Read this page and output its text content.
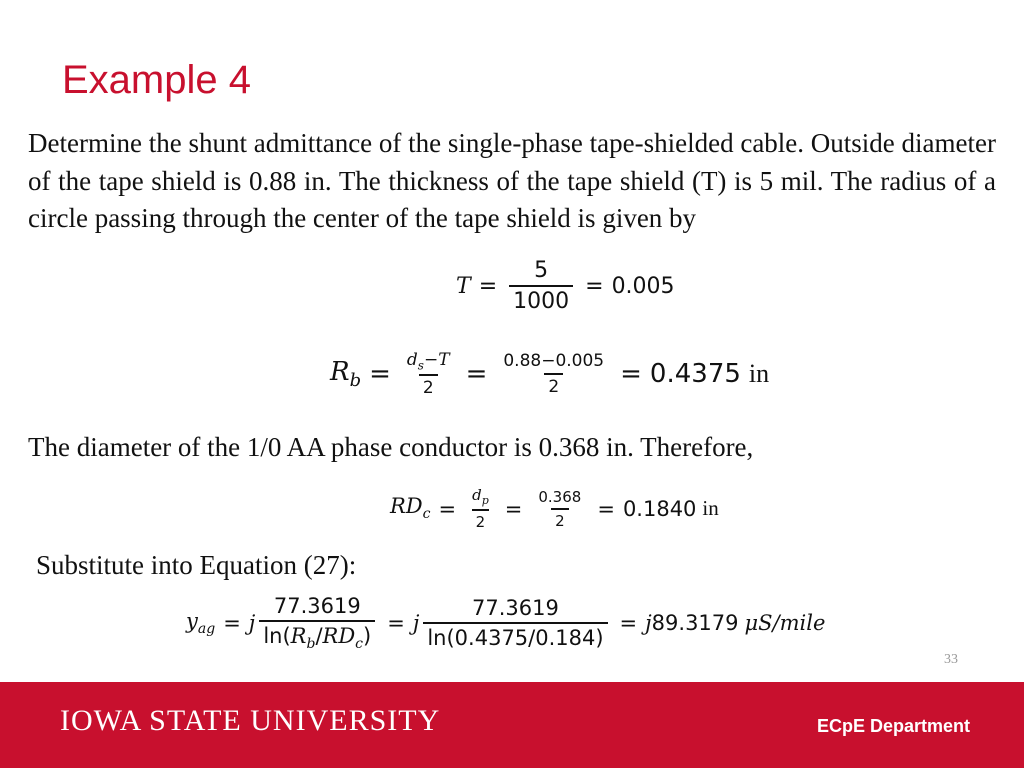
Example 4

Determine the shunt admittance of the single-phase tape-shielded cable. Outside diameter of the tape shield is 0.88 in. The thickness of the tape shield (T) is 5 mil. The radius of a circle passing through the center of the tape shield is given by

$T = \frac{5}{1000} = 0.005$
$R_b = \frac{d_s-T}{2} = \frac{0.88-0.005}{2} = 0.4375$ in
The diameter of the 1/0 AA phase conductor is 0.368 in. Therefore,
$RD_c = \frac{d_p}{2} = \frac{0.368}{2} = 0.1840$ in
Substitute into Equation (27):
$y_{ag} = j \frac{77.3619}{\ln(R_b/RD_c)} = j \frac{77.3619}{\ln(0.4375/0.184)} = j$ 89.3179 μS/mile
33
IOWA STATE UNIVERSITY	ECpE Department
